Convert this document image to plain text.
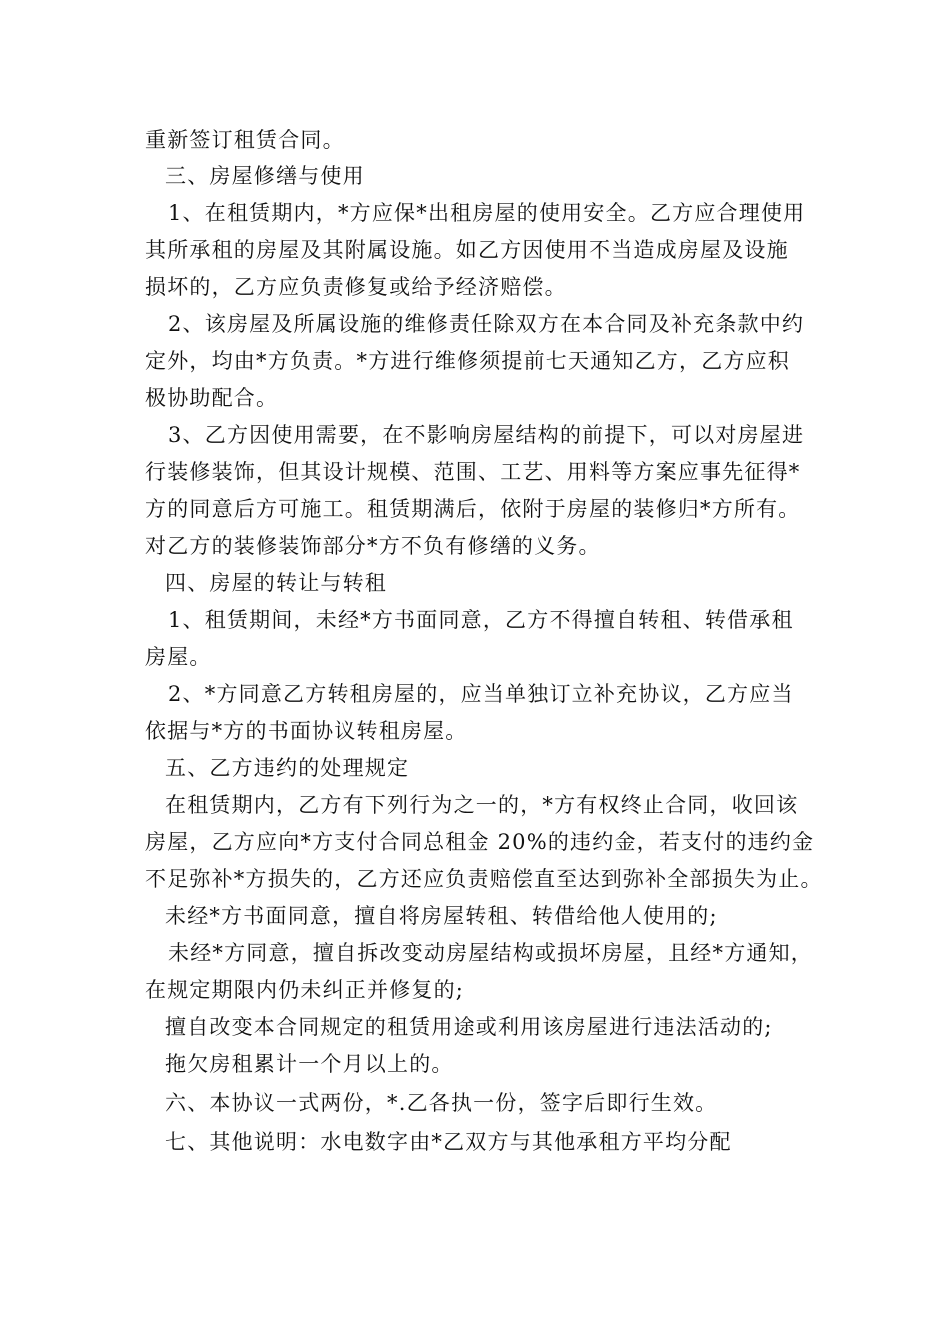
重新签订租赁合同。
三、房屋修缮与使用
1、在租赁期内，*方应保*出租房屋的使用安全。乙方应合理使用
其所承租的房屋及其附属设施。如乙方因使用不当造成房屋及设施
损坏的，乙方应负责修复或给予经济赔偿。
2、该房屋及所属设施的维修责任除双方在本合同及补充条款中约
定外，均由*方负责。*方进行维修须提前七天通知乙方，乙方应积
极协助配合。
3、乙方因使用需要，在不影响房屋结构的前提下，可以对房屋进
行装修装饰，但其设计规模、范围、工艺、用料等方案应事先征得*
方的同意后方可施工。租赁期满后，依附于房屋的装修归*方所有。
对乙方的装修装饰部分*方不负有修缮的义务。
四、房屋的转让与转租
1、租赁期间，未经*方书面同意，乙方不得擅自转租、转借承租
房屋。
2、*方同意乙方转租房屋的，应当单独订立补充协议，乙方应当
依据与*方的书面协议转租房屋。
五、乙方违约的处理规定
在租赁期内，乙方有下列行为之一的，*方有权终止合同，收回该
房屋，乙方应向*方支付合同总租金 20%的违约金，若支付的违约金
不足弥补*方损失的，乙方还应负责赔偿直至达到弥补全部损失为止。
未经*方书面同意，擅自将房屋转租、转借给他人使用的;
未经*方同意，擅自拆改变动房屋结构或损坏房屋，且经*方通知，
在规定期限内仍未纠正并修复的;
擅自改变本合同规定的租赁用途或利用该房屋进行违法活动的;
拖欠房租累计一个月以上的。
六、本协议一式两份，*.乙各执一份，签字后即行生效。
七、其他说明：水电数字由*乙双方与其他承租方平均分配
